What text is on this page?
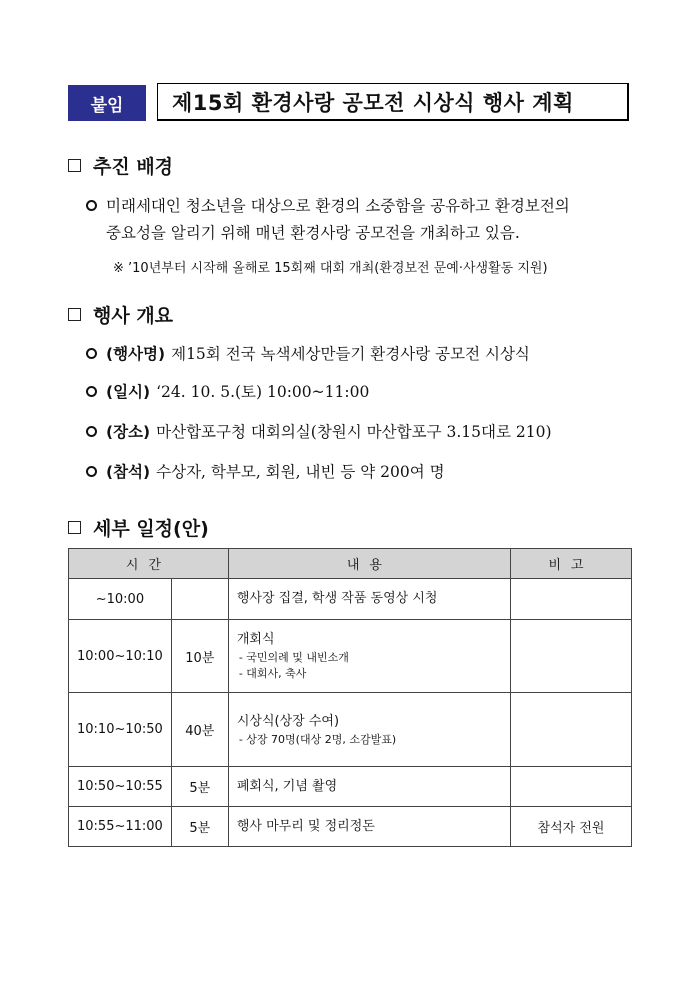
붙임	제15회 환경사랑 공모전 시상식 행사 계획
추진 배경
미래세대인 청소년을 대상으로 환경의 소중함을 공유하고 환경보전의
중요성을 알리기 위해 매년 환경사랑 공모전을 개최하고 있음.
※ ’10년부터 시작해 올해로 15회째 대회 개최(환경보전 문예·사생활동 지원)
행사 개요
(행사명) 제15회 전국 녹색세상만들기 환경사랑 공모전 시상식
(일시) ‘24. 10. 5.(토) 10:00~11:00
(장소) 마산합포구청 대회의실(창원시 마산합포구 3.15대로 210)
(참석) 수상자, 학부모, 회원, 내빈 등 약 200여 명
세부 일정(안)
시간		내용	비고
~10:00		행사장 집결, 학생 작품 동영상 시청	

10:00~10:10	10분	개회식
- 국민의례 및 내빈소개
- 대회사, 축사	

10:10~10:50	40분	시상식(상장 수여)
- 상장 70명(대상 2명, 소감발표)	

10:50~10:55	5분	폐회식, 기념 촬영	

10:55~11:00	5분	행사 마무리 및 정리정돈	참석자 전원
